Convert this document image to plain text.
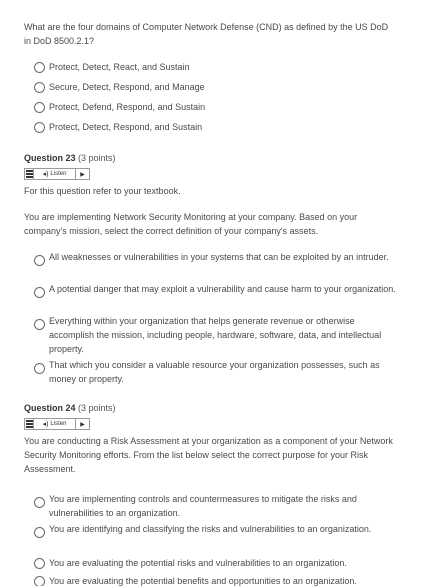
What are the four domains of Computer Network Defense (CND) as defined by the US DoD in DoD 8500.2.1?

Protect, Detect, React, and Sustain
Secure, Detect, Respond, and Manage
Protect, Defend, Respond, and Sustain
Protect, Detect, Respond, and Sustain
Question 23 (3 points)
◂) Listen	▶

For this question refer to your textbook.

You are implementing Network Security Monitoring at your company. Based on your company's mission, select the correct definition of your company's assets.

All weaknesses or vulnerabilities in your systems that can be exploited by an intruder.
A potential danger that may exploit a vulnerability and cause harm to your organization.
Everything within your organization that helps generate revenue or otherwise accomplish the mission, including people, hardware, software, data, and intellectual property.
That which you consider a valuable resource your organization possesses, such as money or property.
Question 24 (3 points)
◂) Listen	▶

You are conducting a Risk Assessment at your organization as a component of your Network Security Monitoring efforts. From the list below select the correct purpose for your Risk Assessment.

You are implementing controls and countermeasures to mitigate the risks and vulnerabilities to an organization.
You are identifying and classifying the risks and vulnerabilities to an organization.
You are evaluating the potential risks and vulnerabilities to an organization.
You are evaluating the potential benefits and opportunities to an organization.
